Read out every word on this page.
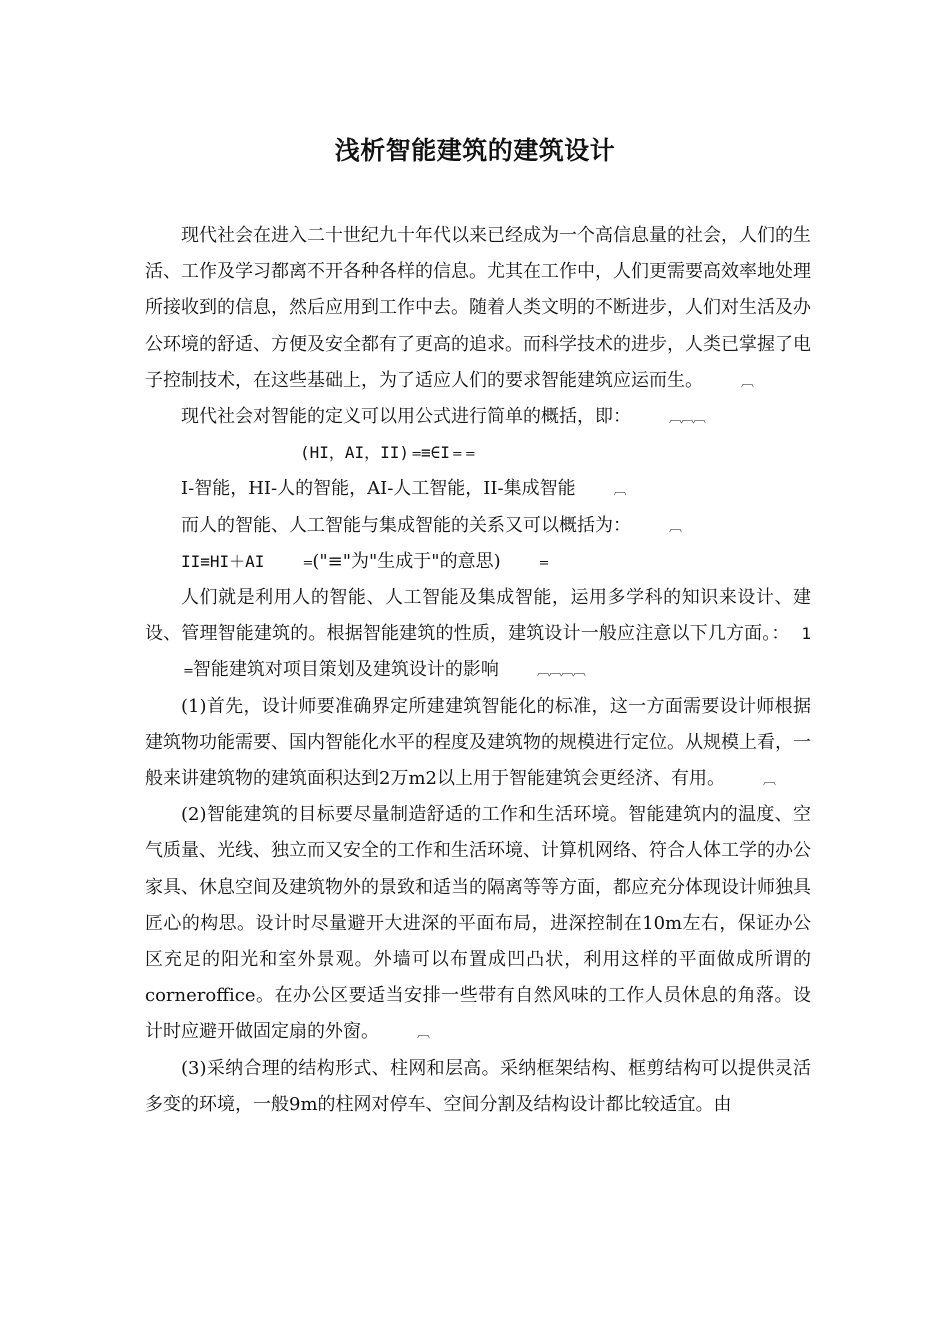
浅析智能建筑的建筑设计

现代社会在进入二十世纪九十年代以来已经成为一个高信息量的社会，人们的生活、工作及学习都离不开各种各样的信息。尤其在工作中，人们更需要高效率地处理所接收到的信息，然后应用到工作中去。随着人类文明的不断进步，人们对生活及办公环境的舒适、方便及安全都有了更高的追求。而科学技术的进步，人类已掌握了电子控制技术，在这些基础上，为了适应人们的要求智能建筑应运而生。	︹

现代社会对智能的定义可以用公式进行简单的概括，即：	︹︹︹

(HI，AI，II) =≡∈I = =

I-智能，HI-人的智能，AI-人工智能，II-集成智能	︹

而人的智能、人工智能与集成智能的关系又可以概括为：	︹

II≡HI＋AI	=("≡"为"生成于"的意思)	=

人们就是利用人的智能、人工智能及集成智能，运用多学科的知识来设计、建设、管理智能建筑的。根据智能建筑的性质，建筑设计一般应注意以下几方面。： 1=智能建筑对项目策划及建筑设计的影响	︹︹︹︹

(1)首先，设计师要准确界定所建建筑智能化的标准，这一方面需要设计师根据建筑物功能需要、国内智能化水平的程度及建筑物的规模进行定位。从规模上看，一般来讲建筑物的建筑面积达到2万m2以上用于智能建筑会更经济、有用。	︹

(2)智能建筑的目标要尽量制造舒适的工作和生活环境。智能建筑内的温度、空气质量、光线、独立而又安全的工作和生活环境、计算机网络、符合人体工学的办公家具、休息空间及建筑物外的景致和适当的隔离等等方面，都应充分体现设计师独具匠心的构思。设计时尽量避开大进深的平面布局，进深控制在10m左右，保证办公区充足的阳光和室外景观。外墙可以布置成凹凸状，利用这样的平面做成所谓的corneroffice。在办公区要适当安排一些带有自然风味的工作人员休息的角落。设计时应避开做固定扇的外窗。	︹

(3)采纳合理的结构形式、柱网和层高。采纳框架结构、框剪结构可以提供灵活多变的环境，一般9m的柱网对停车、空间分割及结构设计都比较适宜。由
